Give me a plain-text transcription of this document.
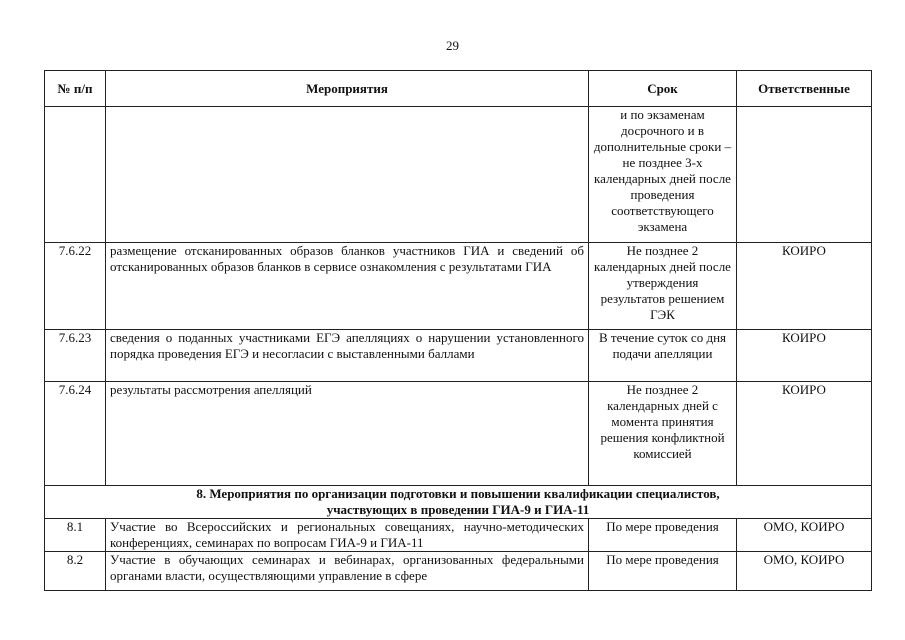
29
№ п/п	Мероприятия	Срок	Ответственные
		и по экзаменам досрочного и в дополнительные сроки – не позднее 3-х календарных дней после проведения соответствующего экзамена	
7.6.22	размещение отсканированных образов бланков участников ГИА и сведений об отсканированных образов бланков в сервисе ознакомления с результатами ГИА	Не позднее 2 календарных дней после утверждения результатов решением ГЭК	КОИРО
7.6.23	сведения о поданных участниками ЕГЭ апелляциях о нарушении установленного порядка проведения ЕГЭ и несогласии с выставленными баллами	В течение суток со дня подачи апелляции	КОИРО
7.6.24	результаты рассмотрения апелляций	Не позднее 2 календарных дней с момента принятия решения конфликтной комиссией	КОИРО
8. Мероприятия по организации подготовки и повышении квалификации специалистов, участвующих в проведении ГИА-9 и ГИА-11			
8.1	Участие во Всероссийских и региональных совещаниях, научно-методических конференциях, семинарах по вопросам ГИА-9 и ГИА-11	По мере проведения	ОМО, КОИРО
8.2	Участие в обучающих семинарах и вебинарах, организованных федеральными органами власти, осуществляющими управление в сфере	По мере проведения	ОМО, КОИРО
